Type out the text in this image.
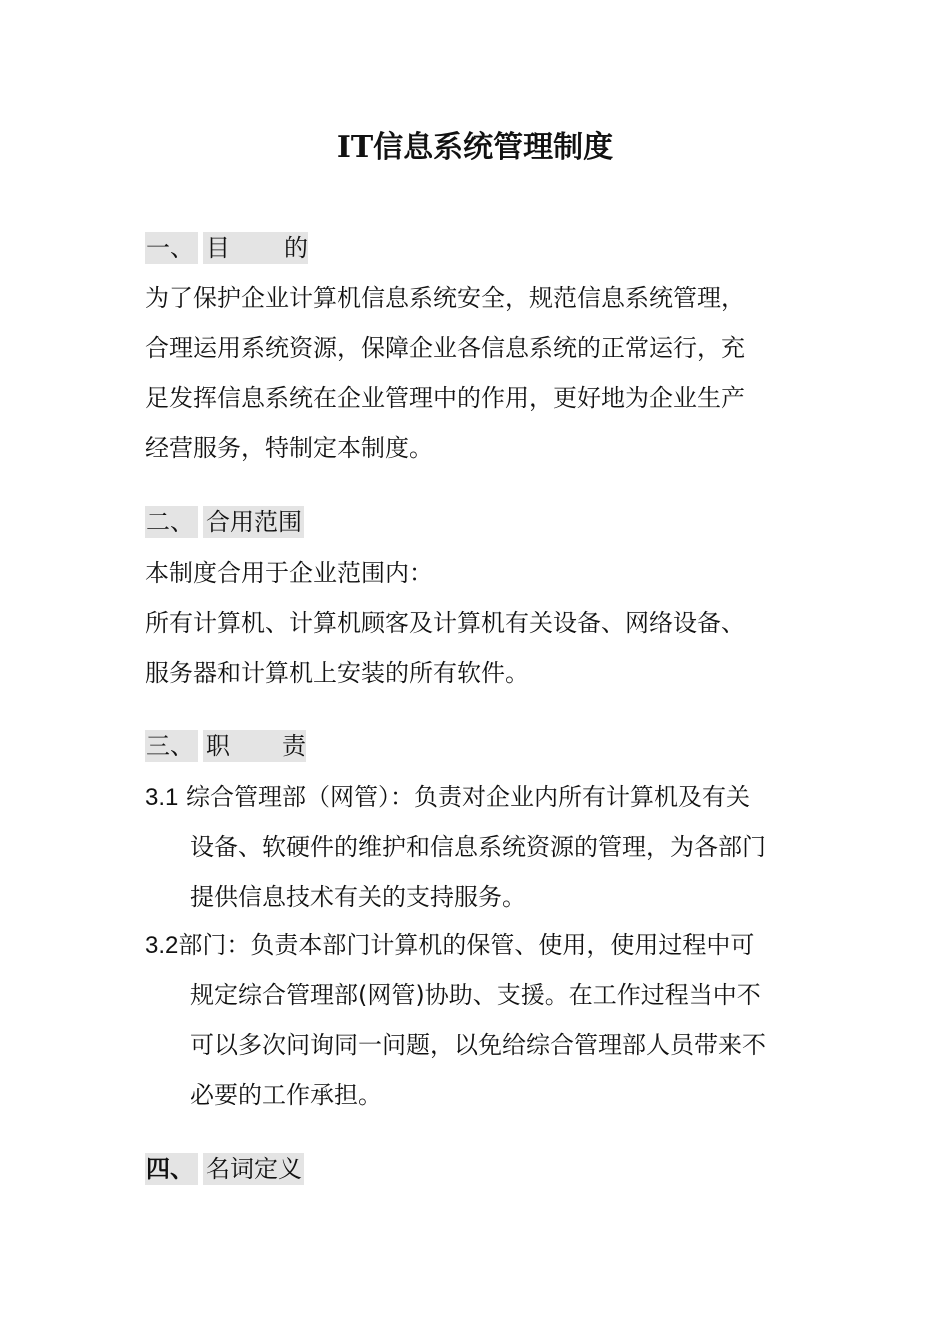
IT信息系统管理制度
一、 目的
为了保护企业计算机信息系统安全，规范信息系统管理，
合理运用系统资源，保障企业各信息系统的正常运行，充
足发挥信息系统在企业管理中的作用，更好地为企业生产
经营服务，特制定本制度。
二、 合用范围
本制度合用于企业范围内：
所有计算机、计算机顾客及计算机有关设备、网络设备、
服务器和计算机上安装的所有软件。
三、 职责
3.1 综合管理部（网管）：负责对企业内所有计算机及有关
设备、软硬件的维护和信息系统资源的管理，为各部门
提供信息技术有关的支持服务。
3.2部门：负责本部门计算机的保管、使用，使用过程中可
规定综合管理部(网管)协助、支援。在工作过程当中不
可以多次问询同一问题，以免给综合管理部人员带来不
必要的工作承担。
四、 名词定义
